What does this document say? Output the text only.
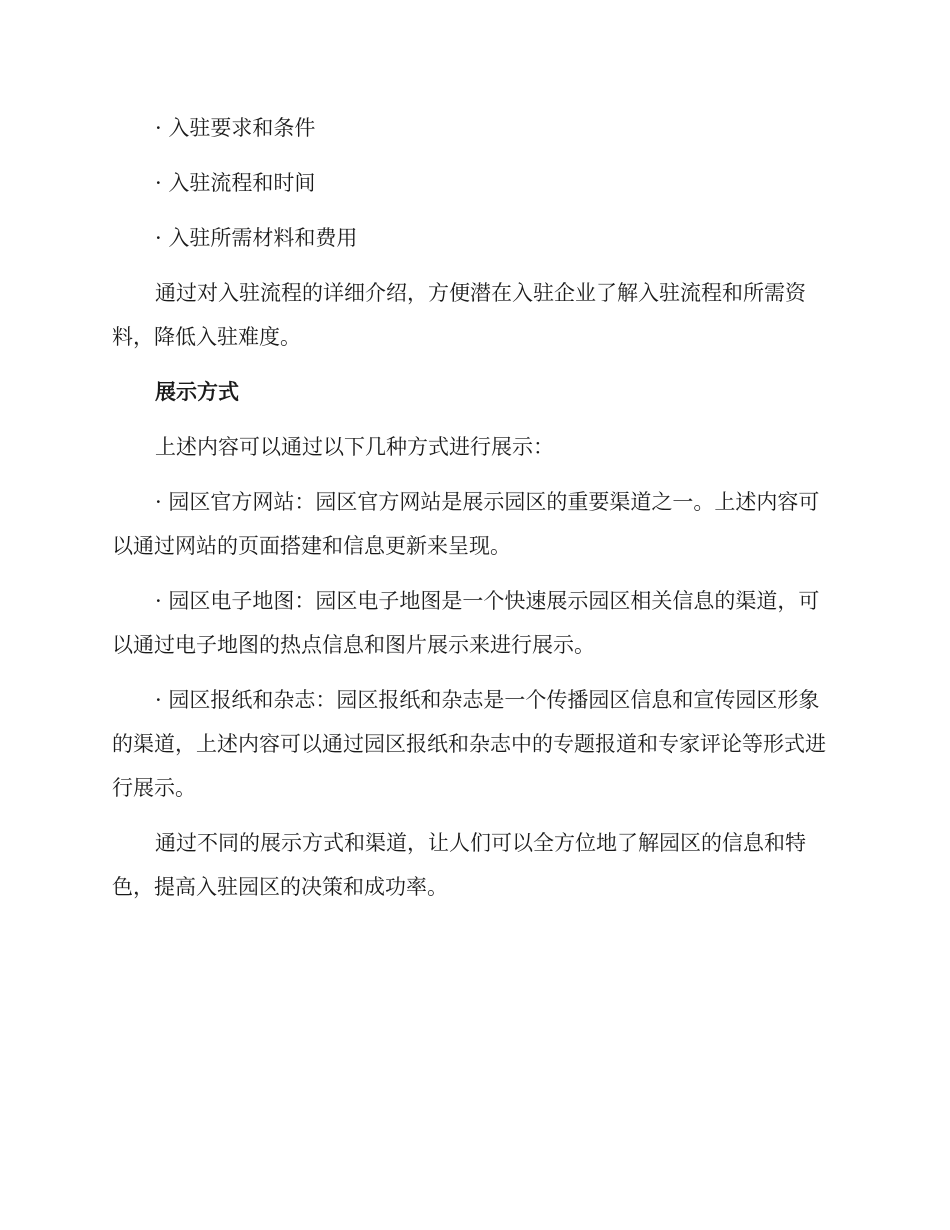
· 入驻要求和条件

· 入驻流程和时间

· 入驻所需材料和费用

通过对入驻流程的详细介绍，方便潜在入驻企业了解入驻流程和所需资料，降低入驻难度。

展示方式

上述内容可以通过以下几种方式进行展示：

· 园区官方网站：园区官方网站是展示园区的重要渠道之一。上述内容可以通过网站的页面搭建和信息更新来呈现。

· 园区电子地图：园区电子地图是一个快速展示园区相关信息的渠道，可以通过电子地图的热点信息和图片展示来进行展示。

· 园区报纸和杂志：园区报纸和杂志是一个传播园区信息和宣传园区形象的渠道，上述内容可以通过园区报纸和杂志中的专题报道和专家评论等形式进行展示。

通过不同的展示方式和渠道，让人们可以全方位地了解园区的信息和特色，提高入驻园区的决策和成功率。
